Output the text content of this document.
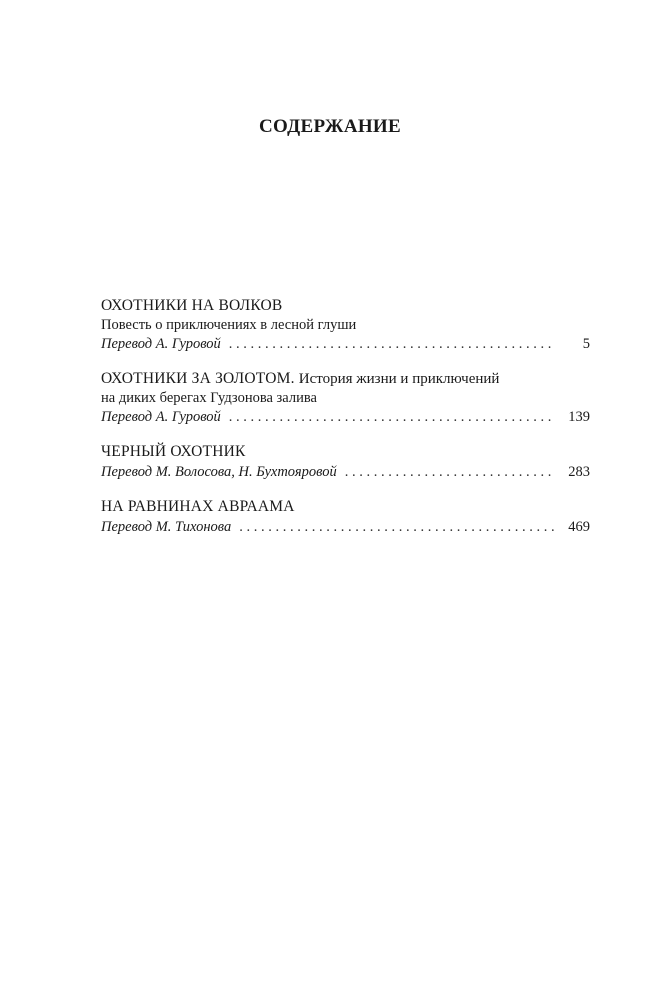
СОДЕРЖАНИЕ
ОХОТНИКИ НА ВОЛКОВ
Повесть о приключениях в лесной глуши
Перевод А. Гуровой . . .	5
ОХОТНИКИ ЗА ЗОЛОТОМ. История жизни и приключений
на диких берегах Гудзонова залива
Перевод А. Гуровой . . .	139
ЧЕРНЫЙ ОХОТНИК
Перевод М. Волосова, Н. Бухтояровой . . .	283
НА РАВНИНАХ АВРААМА
Перевод М. Тихонова . . .	469
